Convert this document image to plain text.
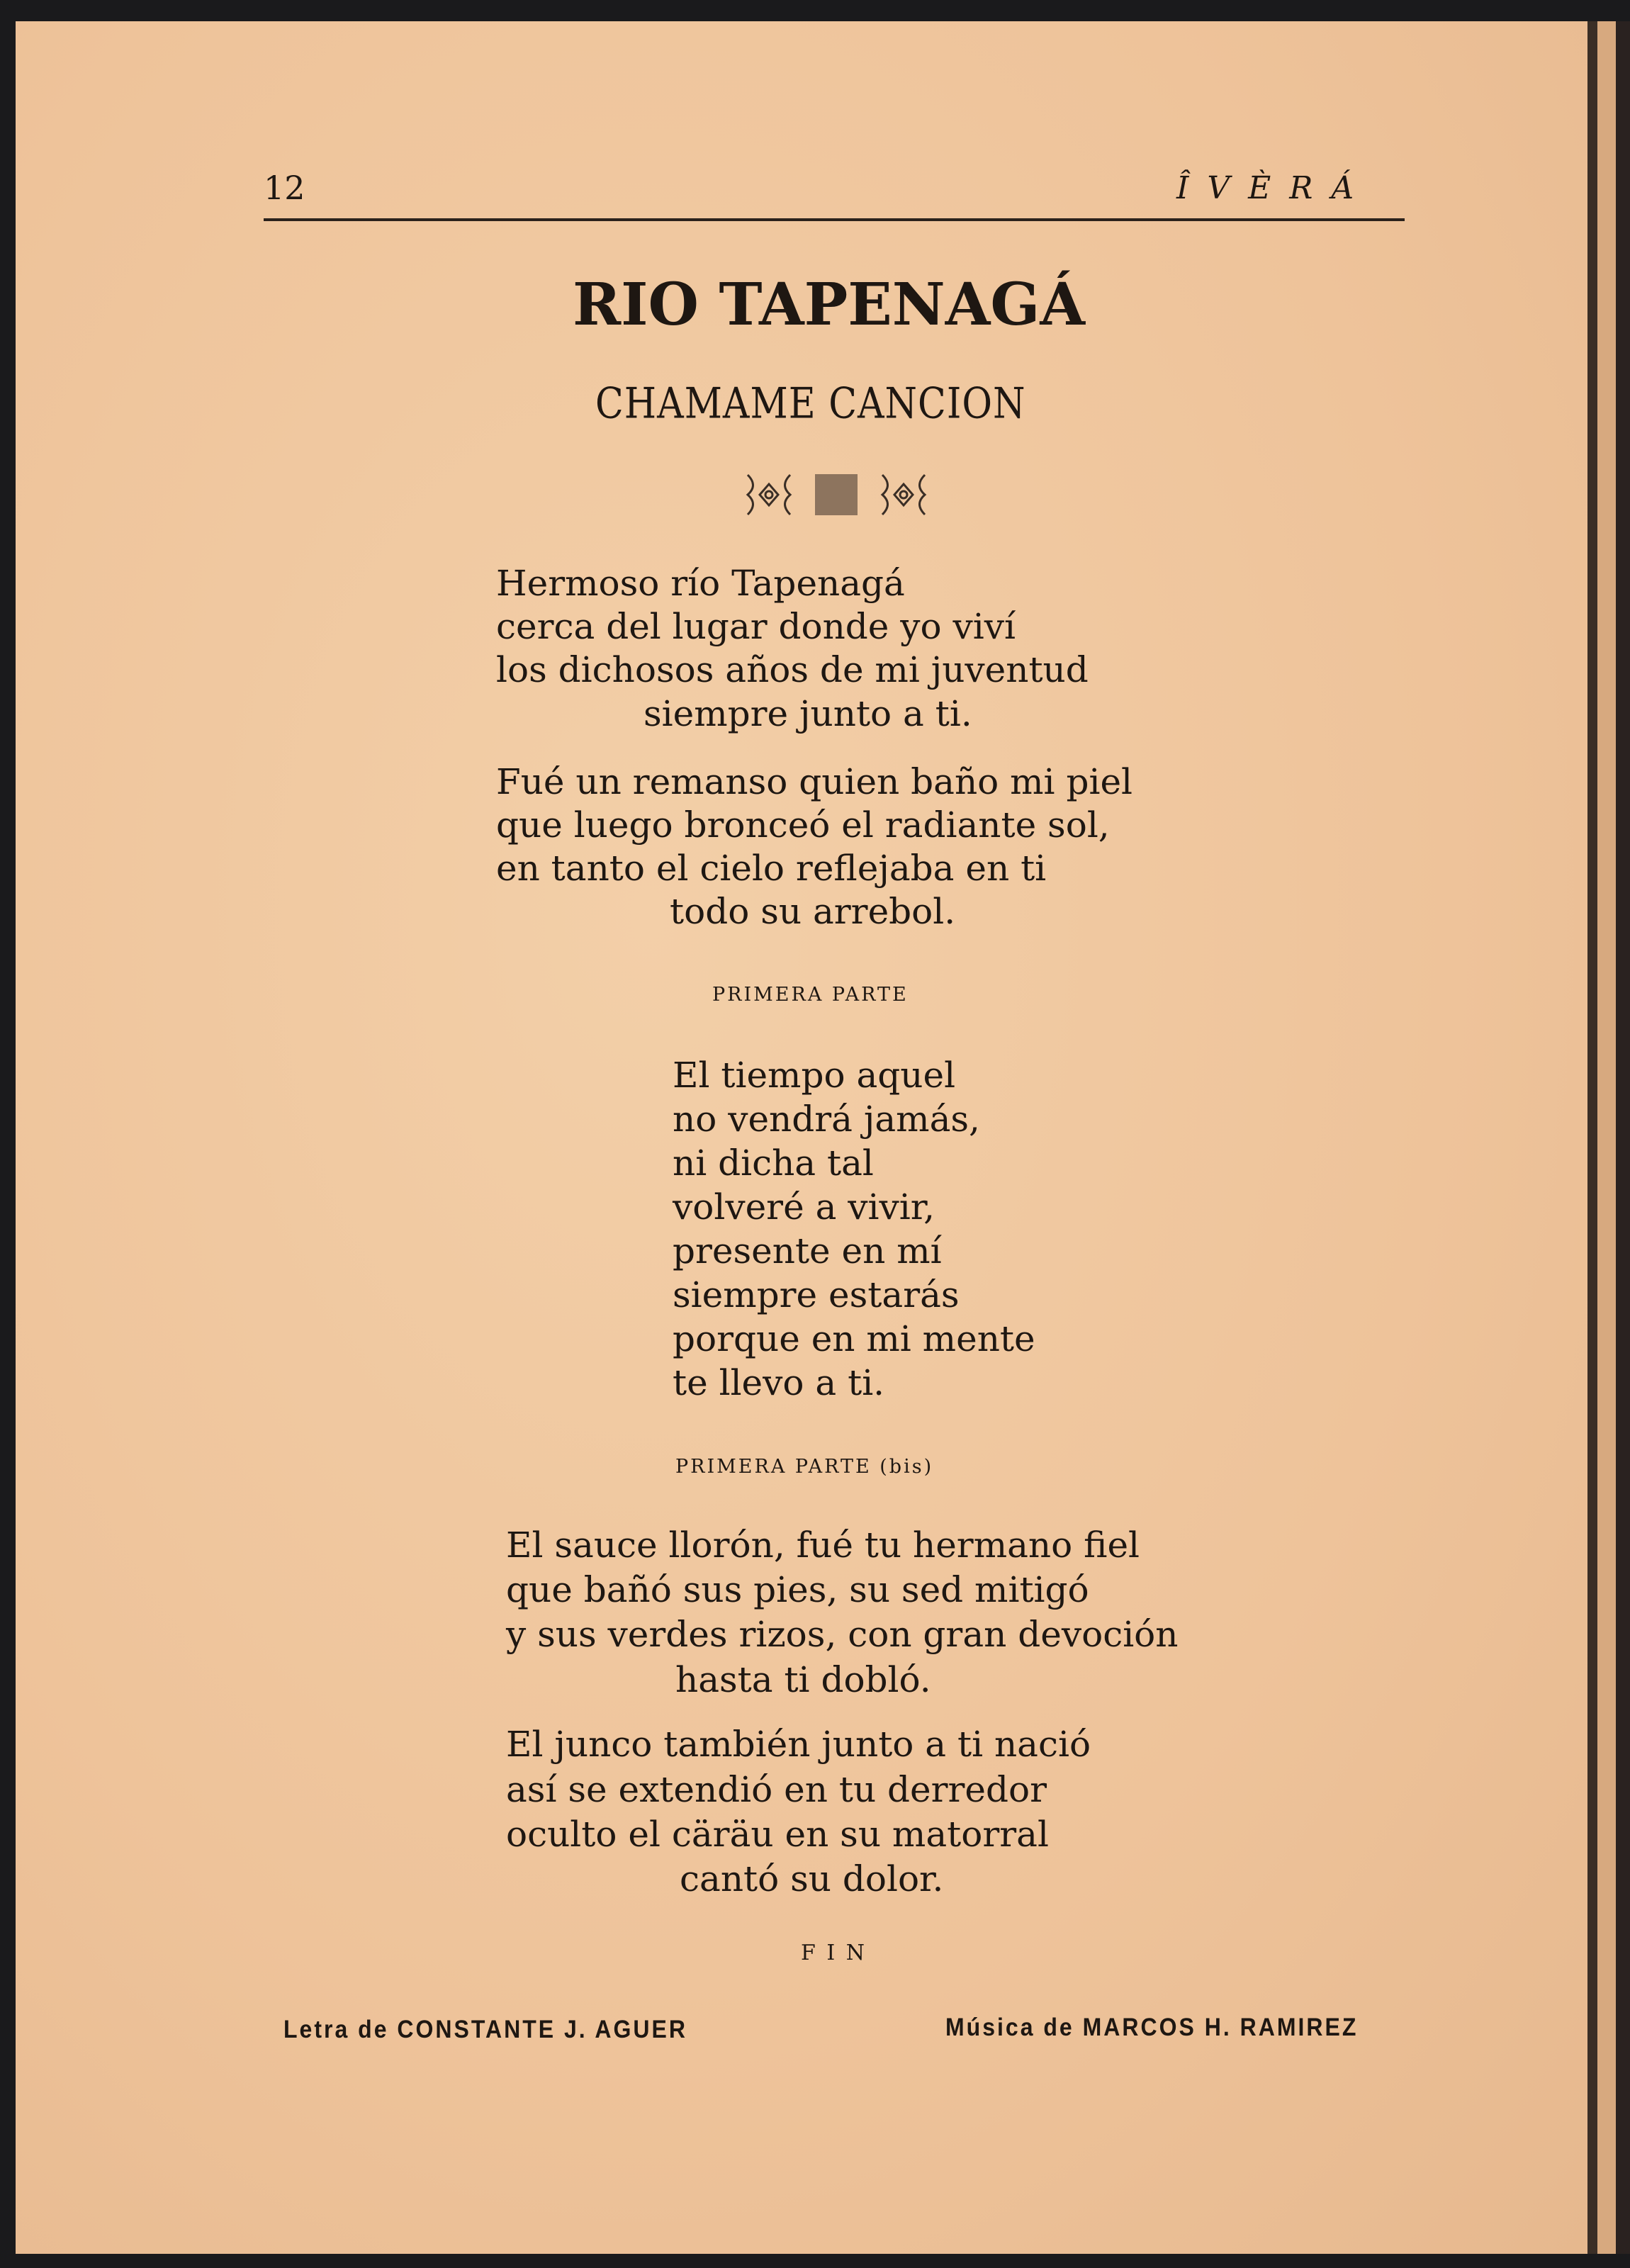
12	Î V È R Á
RIO TAPENAGÁ
CHAMAME CANCION
Hermoso río Tapenagá
cerca del lugar donde yo viví
los dichosos años de mi juventud
siempre junto a ti.
Fué un remanso quien baño mi piel
que luego bronceó el radiante sol,
en tanto el cielo reflejaba en ti
todo su arrebol.
PRIMERA PARTE
El tiempo aquel
no vendrá jamás,
ni dicha tal
volveré a vivir,
presente en mí
siempre estarás
porque en mi mente
te llevo a ti.
PRIMERA PARTE (bis)
El sauce llorón, fué tu hermano fiel
que bañó sus pies, su sed mitigó
y sus verdes rizos, con gran devoción
hasta ti dobló.
El junco también junto a ti nació
así se extendió en tu derredor
oculto el cäräu en su matorral
cantó su dolor.
F I N
Letra de CONSTANTE J. AGUER	Música de MARCOS H. RAMIREZ
